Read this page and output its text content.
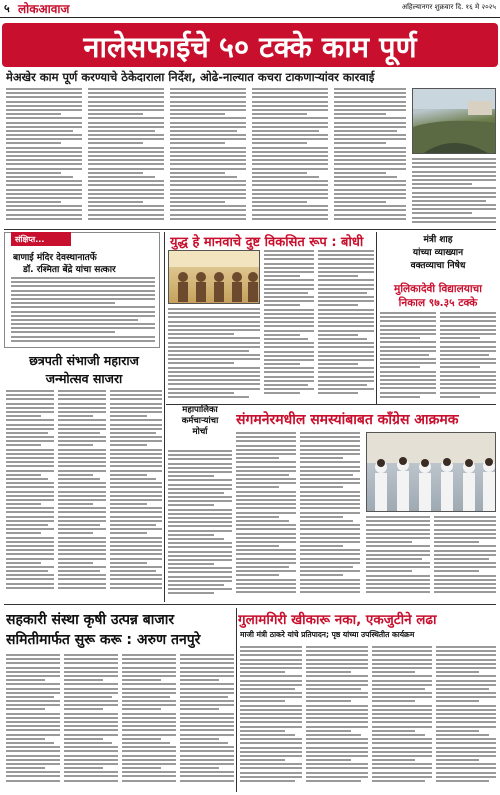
५ लोकआवाज	अहिल्यानगर शुक्रवार दि. १६ मे २०२५
नालेसफाईचे ५० टक्के काम पूर्ण
मेअखेर काम पूर्ण करण्याचे ठेकेदाराला निर्देश, ओढे-नाल्यात कचरा टाकणाऱ्यांवर कारवाई
संक्षिप्त...
बाणाई मंदिर देवस्थानातर्फे
डॉ. रश्मिता बेंद्रे यांचा सत्कार
युद्ध हे मानवाचे दुष्ट विकसित रूप : बोधी	मंत्री शाह
यांच्या व्याख्यान
वक्तव्याचा निषेध
मुलिकादेवी विद्यालयाचा
निकाल ९७.३५ टक्के
महापालिका
कर्मचाऱ्यांचा
मोर्चा
संगमनेरमधील समस्यांबाबत काँग्रेस आक्रमक
छत्रपती संभाजी महाराज
जन्मोत्सव साजरा
सहकारी संस्था कृषी उत्पन्न बाजार
समितीमार्फत सुरू करू : अरुण तनपुरे
गुलामगिरी खीकारू नका, एकजुटीने लढा
माजी मंत्री ठाकरे यांचे प्रतिपादन; पृष्ठ यांच्या उपस्थितीत कार्यक्रम
